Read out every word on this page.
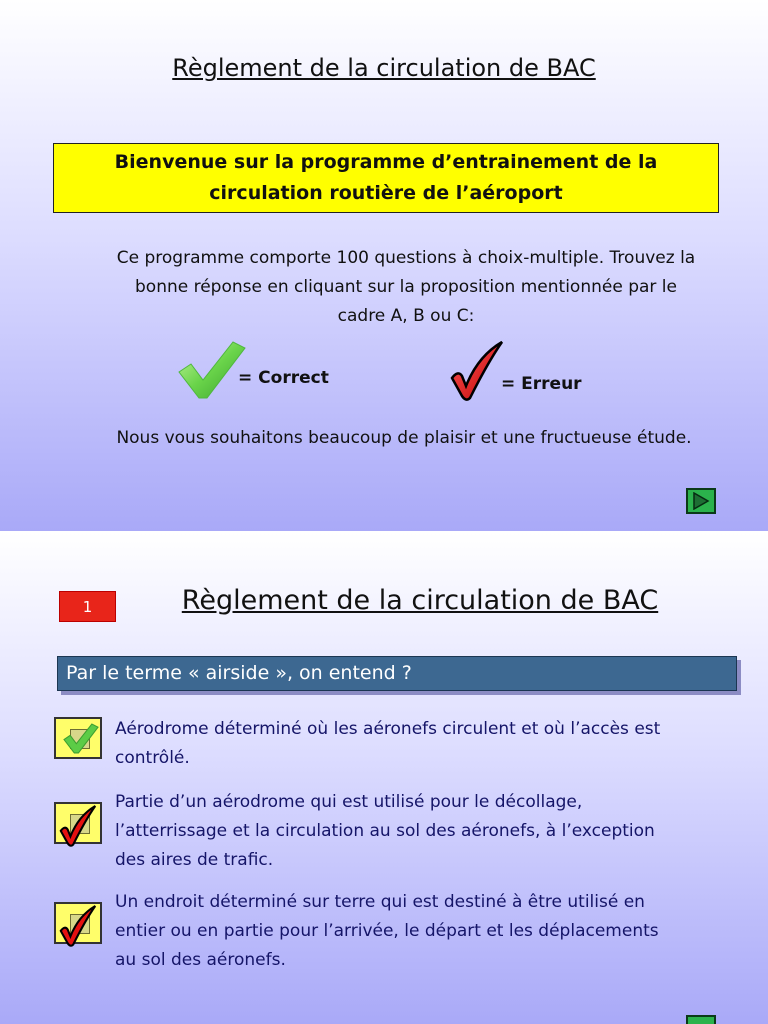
Règlement de la circulation de BAC
Bienvenue sur la programme d’entrainement de la
circulation routière de l’aéroport
Ce programme comporte 100 questions à choix-multiple. Trouvez la
bonne réponse en cliquant sur la proposition mentionnée par le
cadre A, B ou C:
= Correct	= Erreur
Nous vous souhaitons beaucoup de plaisir et une fructueuse étude.
1	Règlement de la circulation de BAC
Par le terme « airside », on entend ?
Aérodrome déterminé où les aéronefs circulent et où l’accès est
contrôlé.
Partie d’un aérodrome qui est utilisé pour le décollage,
l’atterrissage et la circulation au sol des aéronefs, à l’exception
des aires de trafic.
Un endroit déterminé sur terre qui est destiné à être utilisé en
entier ou en partie pour l’arrivée, le départ et les déplacements
au sol des aéronefs.
